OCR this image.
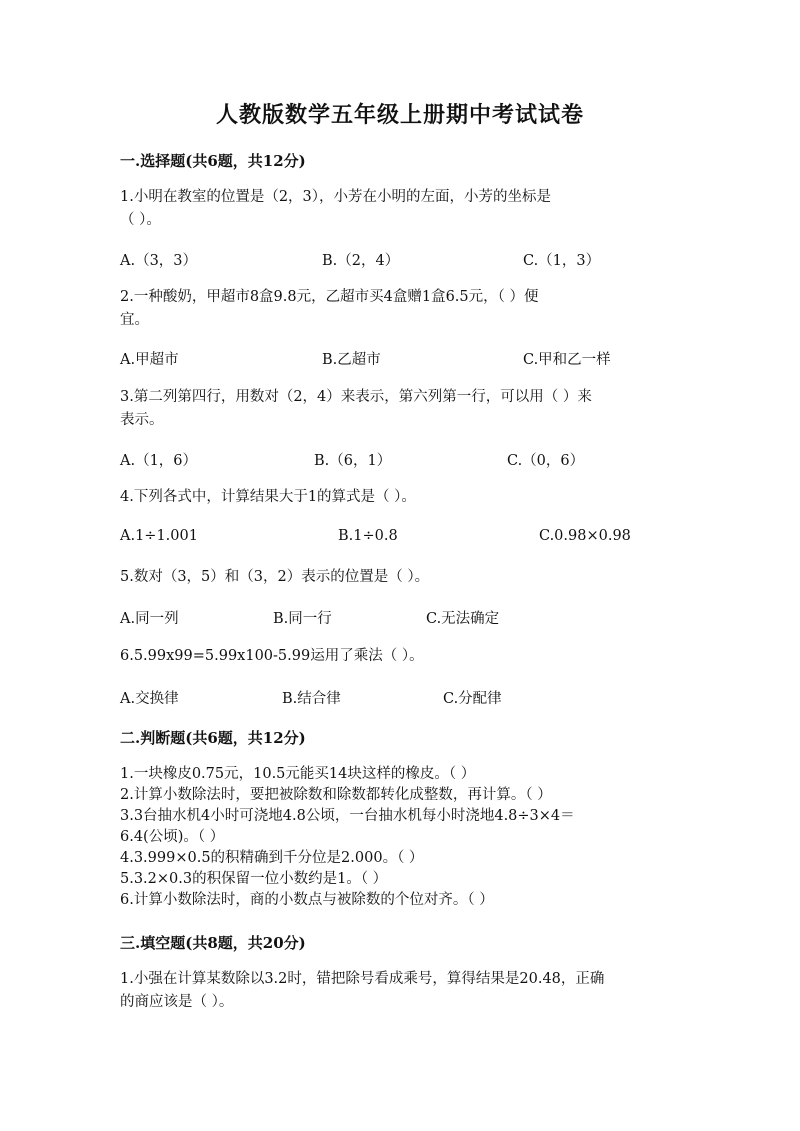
人教版数学五年级上册期中考试试卷
一.选择题(共6题，共12分)
1.小明在教室的位置是（2，3），小芳在小明的左面，小芳的坐标是
（ ）。
A.（3，3）	B.（2，4）	C.（1，3）
2.一种酸奶，甲超市8盒9.8元，乙超市买4盒赠1盒6.5元，（ ）便
宜。
A.甲超市	B.乙超市	C.甲和乙一样
3.第二列第四行，用数对（2，4）来表示，第六列第一行，可以用（ ）来
表示。
A.（1，6）	B.（6，1）	C.（0，6）
4.下列各式中，计算结果大于1的算式是（ ）。
A.1÷1.001	B.1÷0.8	C.0.98×0.98
5.数对（3，5）和（3，2）表示的位置是（ ）。
A.同一列	B.同一行	C.无法确定
6.5.99x99=5.99x100-5.99运用了乘法（ ）。
A.交换律	B.结合律	C.分配律
二.判断题(共6题，共12分)
1.一块橡皮0.75元，10.5元能买14块这样的橡皮。（ ）
2.计算小数除法时，要把被除数和除数都转化成整数，再计算。（ ）
3.3台抽水机4小时可浇地4.8公顷，一台抽水机每小时浇地4.8÷3×4＝
6.4(公顷)。（ ）
4.3.999×0.5的积精确到千分位是2.000。（ ）
5.3.2×0.3的积保留一位小数约是1。（ ）
6.计算小数除法时，商的小数点与被除数的个位对齐。（ ）
三.填空题(共8题，共20分)
1.小强在计算某数除以3.2时，错把除号看成乘号，算得结果是20.48，正确
的商应该是（ ）。
